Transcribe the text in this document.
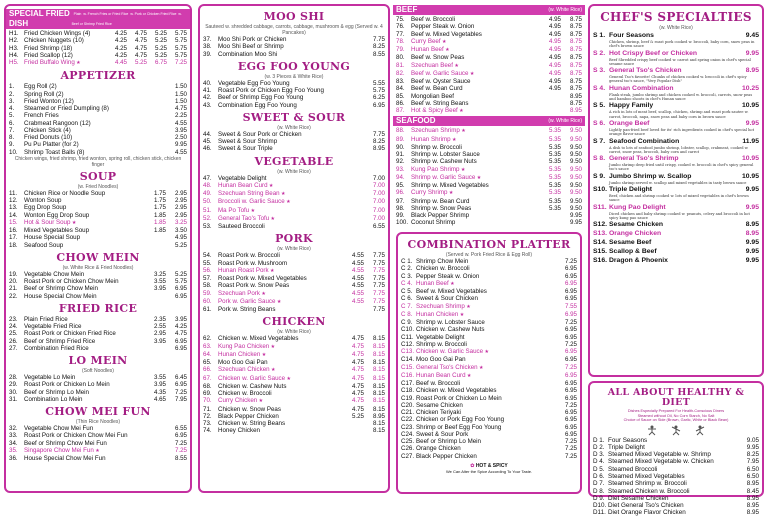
SPECIAL FRIED DISH
Plain w. French Fries or Fried Rice w. Pork or Chicken Fried Rice w. Beef or Shrimp Fried Rice
H1. Fried Chicken Wings (4)	4.25	4.75	5.25	5.75
H2. Chicken Nuggets (10)	4.25	4.75	5.25	5.75
H3. Fried Shrimp (18)	4.25	4.75	5.25	5.75
H4. Fried Scallop (12)	4.25	4.75	5.25	5.75
H5. Fried Buffalo Wing ★	4.45	5.25	6.75	7.25
APPETIZER
1.	Egg Roll (2)	1.50
2.	Spring Roll (2)	1.50
3.	Fried Wonton (12)	1.50
4.	Steamed or Fried Dumpling (8)	4.75
5.	French Fries	2.25
6.	Crabmeat Rangoon (12)	4.55
7.	Chicken Stick (4)	3.95
8.	Fried Donuts (10)	2.50
9.	Pu Pu Platter (for 2)	9.95
10.	Shrimp Toast Balls (8)	4.55
Chicken wings, fried shrimp, fried wonton, spring roll, chicken stick, chicken finger
SOUP
(w. Fried Noodles)
11.	Chicken Rice or Noodle Soup	1.75	2.95
12.	Wonton Soup	1.75	2.95
13.	Egg Drop Soup	1.75	2.95
14.	Wonton Egg Drop Soup	1.85	2.95
15.	Hot & Sour Soup ★	1.85	3.25
16.	Mixed Vegetables Soup	1.85	3.50
17.	House Special Soup	4.95
18.	Seafood Soup	5.25
CHOW MEIN
(w. White Rice & Fried Noodles)
19.	Vegetable Chow Mein	3.25	5.25
20.	Roast Pork or Chicken Chow Mein	3.55	5.75
21.	Beef or Shrimp Chow Mein	3.95	6.95
22.	House Special Chow Mein	6.95
FRIED RICE
23.	Plain Fried Rice	2.35	3.95
24.	Vegetable Fried Rice	2.55	4.25
25.	Roast Pork or Chicken Fried Rice	2.95	4.75
26.	Beef or Shrimp Fried Rice	3.95	6.95
27.	Combination Fried Rice	6.95
LO MEIN
(Soft Noodles)
28.	Vegetable Lo Mein	3.55	6.45
29.	Roast Pork or Chicken Lo Mein	3.95	6.95
30.	Beef or Shrimp Lo Mein	4.35	7.25
31.	Combination Lo Mein	4.65	7.95
CHOW MEI FUN
(Thin Rice Noodles)
32.	Vegetable Chow Mei Fun	6.55
33.	Roast Pork or Chicken Chow Mei Fun	6.95
34.	Beef or Shrimp Chow Mei Fun	7.25
35.	Singapore Chow Mei Fun ★	7.25
36.	House Special Chow Mei Fun	8.55
MOO SHI
Sauteed w. shredded cabbage, carrots, cabbage, mushroom & egg (Served w. 4 Pancakes)
37.	Moo Shi Pork or Chicken	7.75
38.	Moo Shi Beef or Shrimp	8.25
39.	Combination Moo Shi	8.55
EGG FOO YOUNG
(w. 3 Pieces & White Rice)
40.	Vegetable Egg Foo Young	5.55
41.	Roast Pork or Chicken Egg Foo Young	5.75
42.	Beef or Shrimp Egg Foo Young	6.25
43.	Combination Egg Foo Young	6.95
SWEET & SOUR
(w. White Rice)
44.	Sweet & Sour Pork or Chicken	7.75
45.	Sweet & Sour Shrimp	8.25
46.	Sweet & Sour Triple	8.95
VEGETABLE
(w. White Rice)
47.	Vegetable Delight	7.00
48.	Hunan Bean Curd ★	7.00
49.	Szechuan String Bean ★	7.00
50.	Broccoli w. Garlic Sauce ★	7.00
51.	Ma Po Tofu ★	7.00
52.	General Tao's Tofu ★	7.00
53.	Sauteed Broccoli	6.55
PORK
(w. White Rice)
54.	Roast Pork w. Broccoli	4.55	7.75
55.	Roast Pork w. Mushroom	4.55	7.75
56.	Hunan Roast Pork ★	4.55	7.75
57.	Roast Pork w. Mixed Vegetables	4.55	7.75
58.	Roast Pork w. Snow Peas	4.55	7.75
59.	Szechuan Pork ★	4.55	7.75
60.	Pork w. Garlic Sauce ★	4.55	7.75
61.	Pork w. String Beans	7.75
CHICKEN
(w. White Rice)
62.	Chicken w. Mixed Vegetables	4.75	8.15
63.	Kung Pao Chicken ★	4.75	8.15
64.	Hunan Chicken ★	4.75	8.15
65.	Moo Goo Gai Pan	4.75	8.15
66.	Szechuan Chicken ★	4.75	8.15
67.	Chicken w. Garlic Sauce ★	4.75	8.15
68.	Chicken w. Cashew Nuts	4.75	8.15
69.	Chicken w. Broccoli	4.75	8.15
70.	Curry Chicken ★	4.75	8.15
71.	Chicken w. Snow Peas	4.75	8.15
72.	Black Pepper Chicken	5.25	8.95
73.	Chicken w. String Beans	8.15
74.	Honey Chicken	8.15
BEEF	(w. White Rice)
75.	Beef w. Broccoli	4.95	8.75
76.	Pepper Steak w. Onion	4.95	8.75
77.	Beef w. Mixed Vegetables	4.95	8.75
78.	Curry Beef ★	4.95	8.75
79.	Hunan Beef ★	4.95	8.75
80.	Beef w. Snow Peas	4.95	8.75
81.	Szechuan Beef ★	4.95	8.75
82.	Beef w. Garlic Sauce ★	4.95	8.75
83.	Beef w. Oyster Sauce	4.95	8.75
84.	Beef w. Bean Curd	4.95	8.75
85.	Mongolian Beef	8.95
86.	Beef w. String Beans	8.75
87.	Hot & Spicy Beef ★	8.95
SEAFOOD	(w. White Rice)
88.	Szechuan Shrimp ★	5.35	9.50
89.	Hunan Shrimp ★	5.35	9.50
90.	Shrimp w. Broccoli	5.35	9.50
91.	Shrimp w. Lobster Sauce	5.35	9.50
92.	Shrimp w. Cashew Nuts	5.35	9.50
93.	Kung Pao Shrimp ★	5.35	9.50
94.	Shrimp w. Garlic Sauce ★	5.35	9.50
95.	Shrimp w. Mixed Vegetables	5.35	9.50
96.	Curry Shrimp ★	5.35	9.50
97.	Shrimp w. Bean Curd	5.35	9.50
98.	Shrimp w. Snow Peas	5.35	9.50
99.	Black Pepper Shrimp	9.95
100. Coconut Shrimp	9.95
COMBINATION PLATTER
(Served w. Pork Fried Rice & Egg Roll)
C 1. Shrimp Chow Mein	7.25
C 2. Chicken w. Broccoli	6.95
C 3. Pepper Steak w. Onion	6.95
C 4. Hunan Beef ★	6.95
C 5. Beef w. Mixed Vegetables	6.95
C 6. Sweet & Sour Chicken	6.95
C 7. Szechuan Shrimp ★	7.55
C 8. Hunan Chicken ★	6.95
C 9. Shrimp w. Lobster Sauce	7.25
C10. Chicken w. Cashew Nuts	6.95
C11. Vegetable Delight	6.95
C12. Shrimp w. Broccoli	7.25
C13. Chicken w. Garlic Sauce ★	6.95
C14. Moo Goo Gai Pan	6.95
C15. General Tso's Chicken ★	7.25
C16. Hunan Bean Curd ★	6.95
C17. Beef w. Broccoli	6.95
C18. Chicken w. Mixed Vegetables	6.95
C19. Roast Pork or Chicken Lo Mein	6.95
C20. Sesame Chicken	7.25
C21. Chicken Teriyaki	6.95
C22. Chicken or Pork Egg Foo Young	6.95
C23. Shrimp or Beef Egg Foo Young	6.95
C24. Sweet & Sour Pork	6.95
C25. Beef or Shrimp Lo Mein	7.25
C26. Orange Chicken	7.25
C27. Black Pepper Chicken	7.25
✿ HOT & SPICY
We Can Alter the Spice According To Your Taste.
CHEF'S SPECIALTIES
(w. White Rice)
S 1. Four Seasons	9.45
Chicken, shrimp, beef & roast pork cooked w. broccoli, baby corn, snow peas in chef's brown sauce
S 2. Hot Crispy Beef or Chicken	9.95
Beef Shredded crispy beef cooked w. carrot and spring onion in chef's special sesame sauce
S 3. General Tso's Chicken	8.95
General Tso's favorite! Chunks of chicken cooked w. broccoli in chef's spicy general tso's sauce, "Very Popular Dish"
S 4. Hunan Combination	10.25
Flank steak, jumbo shrimp and chicken cooked w. broccoli, carrots, snow peas and bamboo shoots in chef's Hunan sauce
S 5. Happy Family	10.95
A rich in lots of meat beef, scallop, chicken, shrimp and roast pork sautee w. carrot, broccoli, napa, snow peas and baby corn in brown sauce
S 6. Orange Beef	9.95
Lightly pan-fried beef loved for its' rich ingredients cooked in chef's special hot orange flavor sauce
S 7. Seafood Combination	11.95
A dish to lots of seafood jumbo shrimp, lobster, scallop, crabmeat, cooked w. carrot, snow peas, broccoli, baby corn and carrot
S 8. General Tso's Shrimp	10.95
Jumbo shrimp deep fried until crispy, cooked w. broccoli in chef's spicy general tso's sauce
S 9. Jumbo Shrimp w. Scallop	10.95
Jumbo shrimp served w. scallop and mixed vegetables in tasty brown sauce
S10. Triple Delight	9.95
Beef, chicken and shrimp cooked w. lots of mixed vegetables in chef's brown sauce
S11. Kung Pao Delight	9.95
Diced chicken and baby shrimp cooked w. peanuts, celery and broccoli in hot spicy kung pao sauce
S12. Sesame Chicken	8.95
S13. Orange Chicken	8.95
S14. Sesame Beef	9.95
S15. Scallop & Beef	9.95
S16. Dragon & Phoenix	9.95
ALL ABOUT HEALTHY & DIET
Dishes Especially Prepared For Health-Conscious Diners
Steamed without Oil, No Corn Starch, No Salt
Choice of Sauce on Side (Brown, Garlic, White or Black Bean)
D 1. Four Seasons	9.05
D 2. Triple Delight	9.95
D 3. Steamed Mixed Vegetable w. Shrimp	8.25
D 4. Steamed Mixed Vegetable w. Chicken	7.95
D 5. Steamed Broccoli	6.50
D 6. Steamed Mixed Vegetables	6.50
D 7. Steamed Shrimp w. Broccoli	8.95
D 8. Steamed Chicken w. Broccoli	8.45
D 9. Diet Sesame Chicken	8.95
D10. Diet General Tso's Chicken	8.95
D11. Diet Orange Flavor Chicken	8.95
